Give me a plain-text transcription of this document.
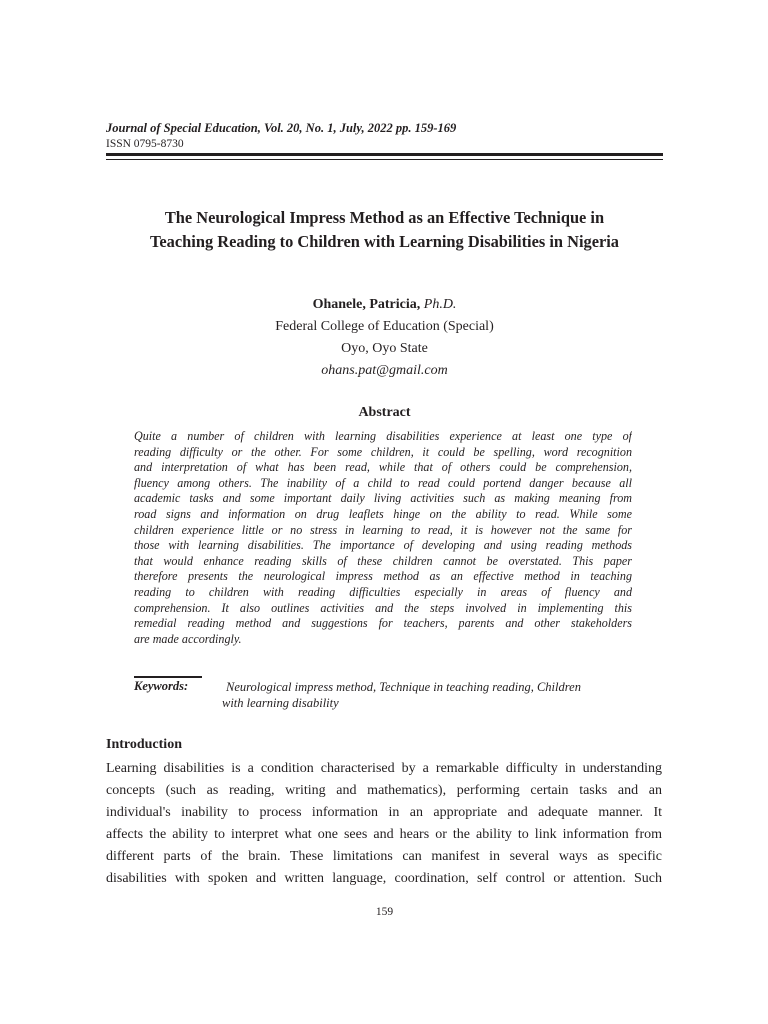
Journal of Special Education, Vol. 20, No. 1, July, 2022 pp. 159-169
ISSN 0795-8730
The Neurological Impress Method as an Effective Technique in
Teaching Reading to Children with Learning Disabilities in Nigeria
Ohanele, Patricia, Ph.D.
Federal College of Education (Special)
Oyo, Oyo State
ohans.pat@gmail.com
Abstract
Quite a number of children with learning disabilities experience at least one type of
reading difficulty or the other. For some children, it could be spelling, word recognition
and interpretation of what has been read, while that of others could be comprehension,
fluency among others. The inability of a child to read could portend danger because all
academic tasks and some important daily living activities such as making meaning from
road signs and information on drug leaflets hinge on the ability to read. While some
children experience little or no stress in learning to read, it is however not the same for
those with learning disabilities. The importance of developing and using reading methods
that would enhance reading skills of these children cannot be overstated. This paper
therefore presents the neurological impress method as an effective method in teaching
reading to children with reading difficulties especially in areas of fluency and
comprehension. It also outlines activities and the steps involved in implementing this
remedial reading method and suggestions for teachers, parents and other stakeholders
are made accordingly.
Keywords:	Neurological impress method, Technique in teaching reading, Children
with learning disability
Introduction
Learning disabilities is a condition characterised by a remarkable difficulty in understanding
concepts (such as reading, writing and mathematics), performing certain tasks and an
individual's inability to process information in an appropriate and adequate manner. It
affects the ability to interpret what one sees and hears or the ability to link information from
different parts of the brain. These limitations can manifest in several ways as specific
disabilities with spoken and written language, coordination, self control or attention. Such
159
